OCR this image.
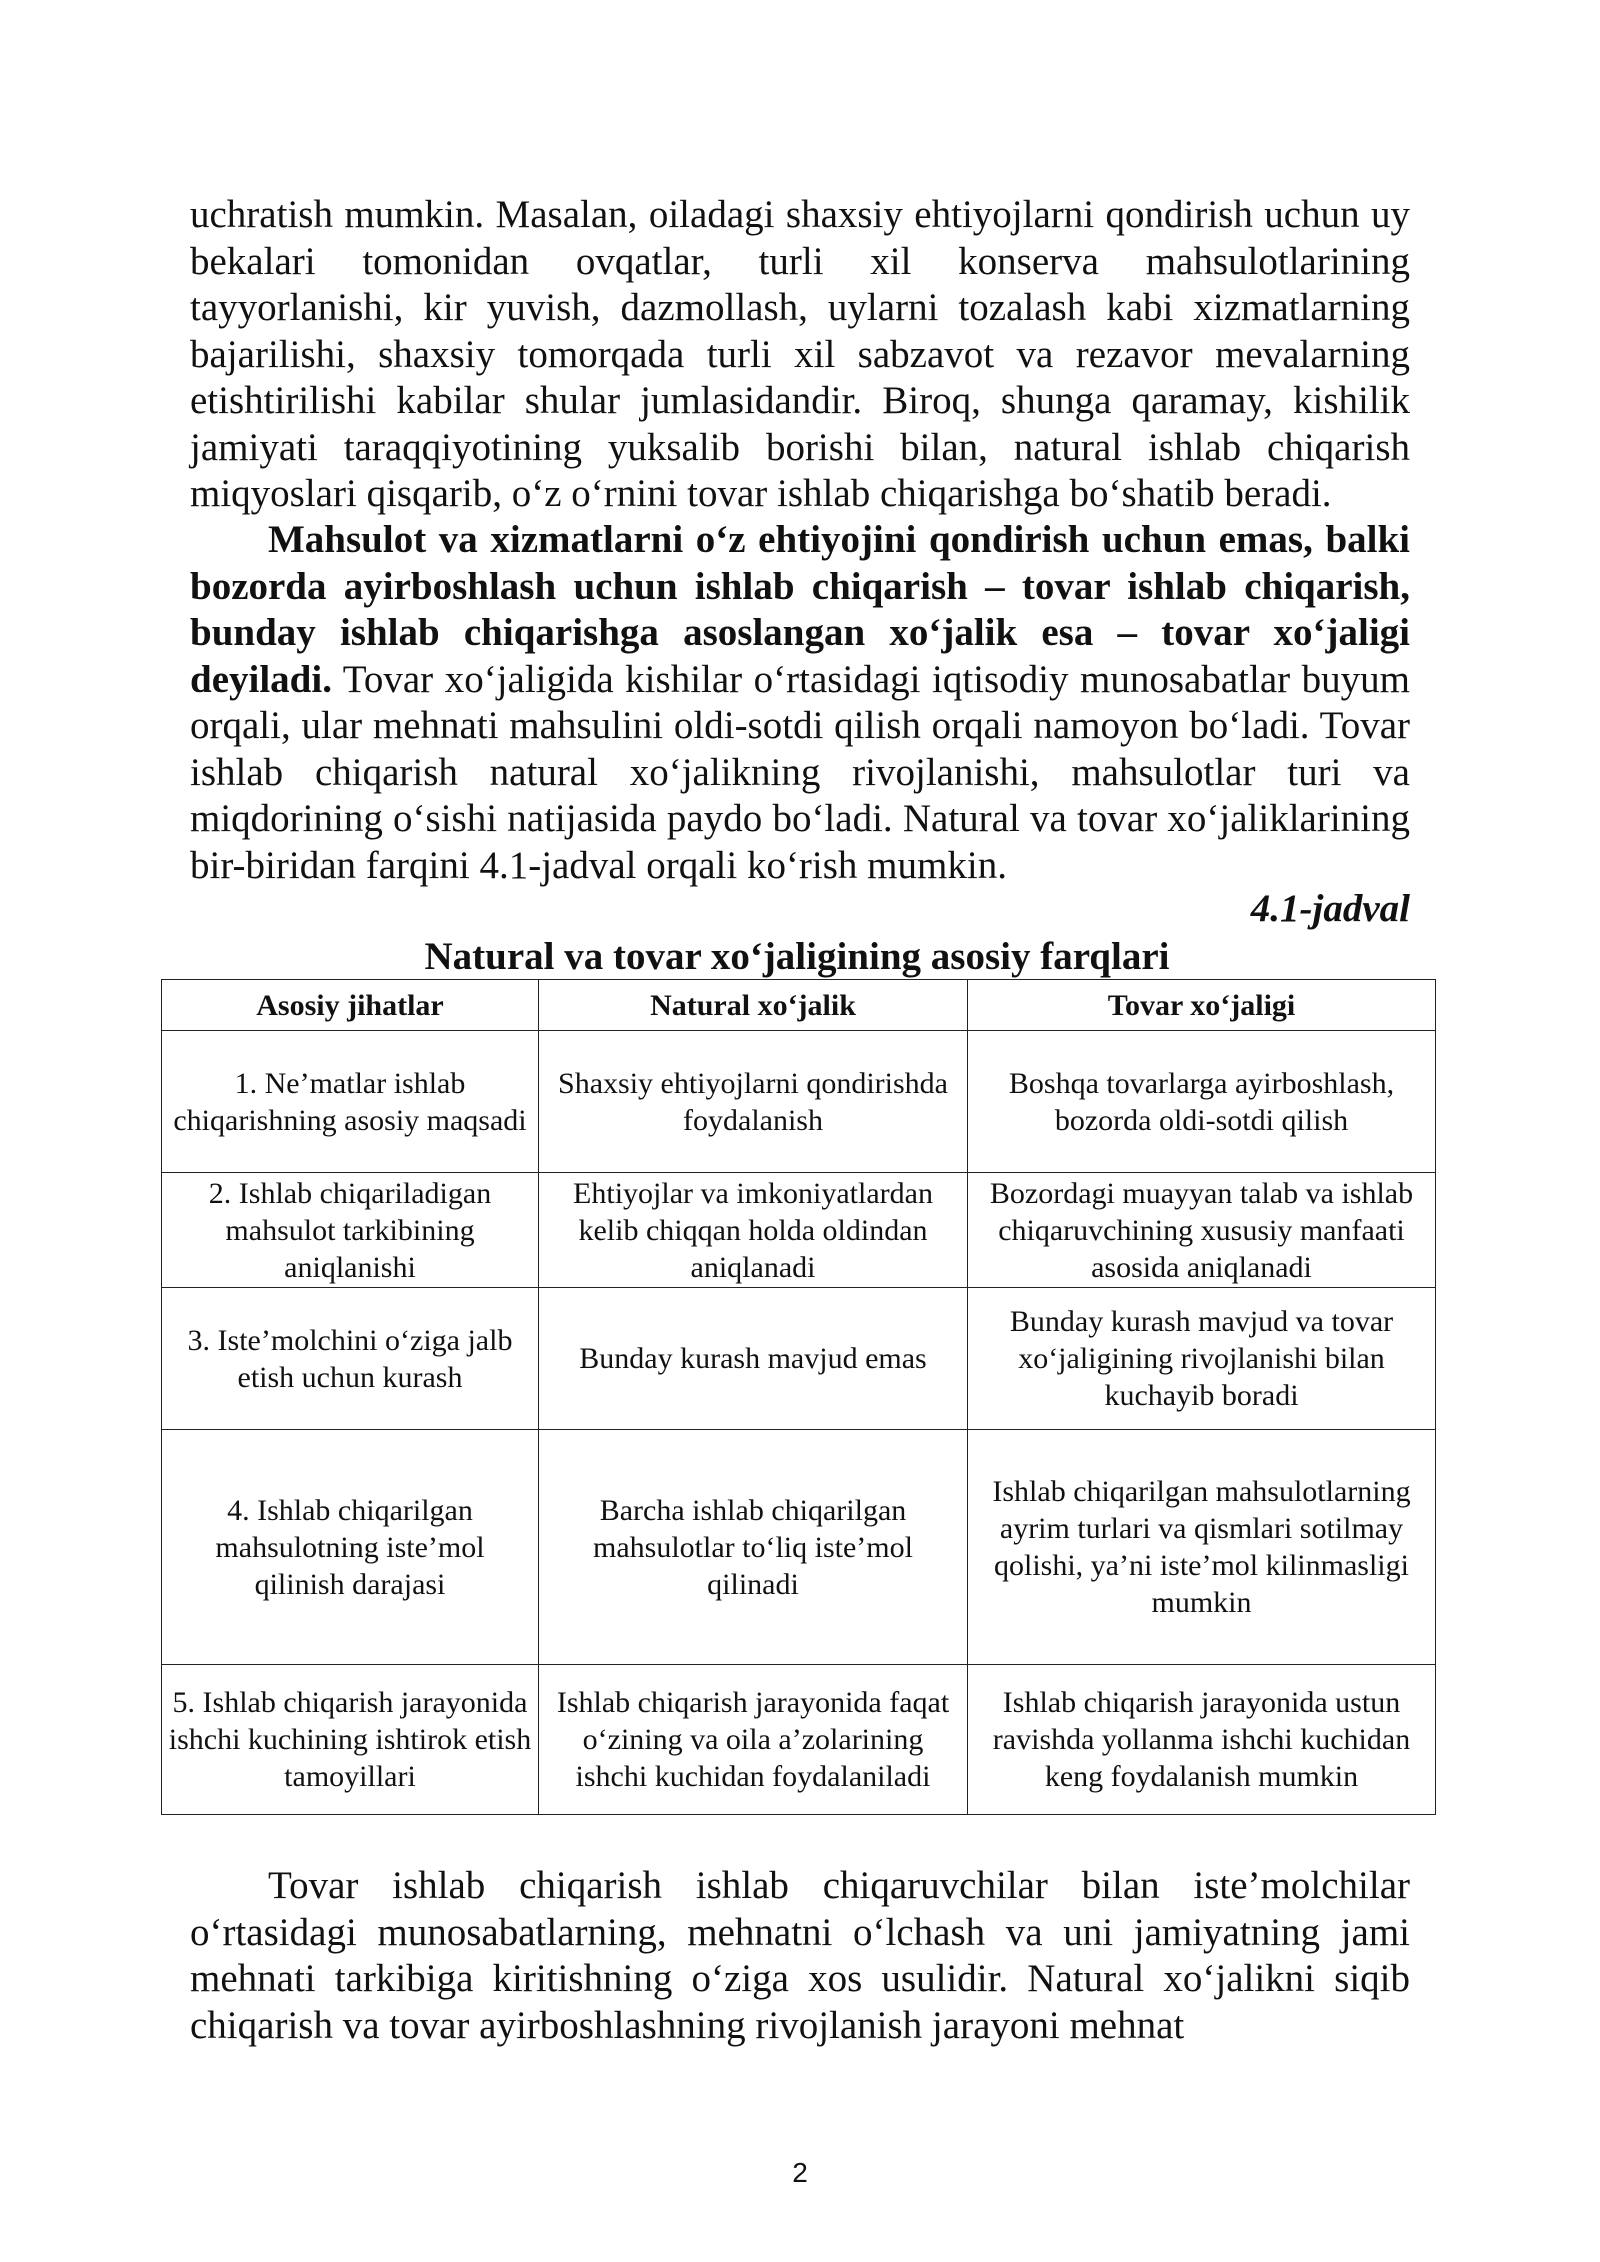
uchratish mumkin. Masalan, oiladagi shaxsiy ehtiyojlarni qondirish uchun uy bekalari tomonidan ovqatlar, turli xil konserva mahsulotlarining tayyorlanishi, kir yuvish, dazmollash, uylarni tozalash kabi xizmatlarning bajarilishi, shaxsiy tomorqada turli xil sabzavot va rezavor mevalarning etishtirilishi kabilar shular jumlasidandir. Biroq, shunga qaramay, kishilik jamiyati taraqqiyotining yuksalib borishi bilan, natural ishlab chiqarish miqyoslari qisqarib, o‘z o‘rnini tovar ishlab chiqarishga bo‘shatib beradi.

Mahsulot va xizmatlarni o‘z ehtiyojini qondirish uchun emas, balki bozorda ayirboshlash uchun ishlab chiqarish – tovar ishlab chiqarish, bunday ishlab chiqarishga asoslangan xo‘jalik esa – tovar xo‘jaligi deyiladi. Tovar xo‘jaligida kishilar o‘rtasidagi iqtisodiy munosabatlar buyum orqali, ular mehnati mahsulini oldi-sotdi qilish orqali namoyon bo‘ladi. Tovar ishlab chiqarish natural xo‘jalikning rivojlanishi, mahsulotlar turi va miqdorining o‘sishi natijasida paydo bo‘ladi. Natural va tovar xo‘jaliklarining bir-biridan farqini 4.1-jadval orqali ko‘rish mumkin.

4.1-jadval

Natural va tovar xo‘jaligining asosiy farqlari

Asosiy jihatlar	Natural xo‘jalik	Tovar xo‘jaligi
1. Ne’matlar ishlab chiqarishning asosiy maqsadi	Shaxsiy ehtiyojlarni qondirishda foydalanish	Boshqa tovarlarga ayirboshlash, bozorda oldi-sotdi qilish
2. Ishlab chiqariladigan mahsulot tarkibining aniqlanishi	Ehtiyojlar va imkoniyatlardan kelib chiqqan holda oldindan aniqlanadi	Bozordagi muayyan talab va ishlab chiqaruvchining xususiy manfaati asosida aniqlanadi
3. Iste’molchini o‘ziga jalb etish uchun kurash	Bunday kurash mavjud emas	Bunday kurash mavjud va tovar xo‘jaligining rivojlanishi bilan kuchayib boradi
4. Ishlab chiqarilgan mahsulotning iste’mol qilinish darajasi	Barcha ishlab chiqarilgan mahsulotlar to‘liq iste’mol qilinadi	Ishlab chiqarilgan mahsulotlarning ayrim turlari va qismlari sotilmay qolishi, ya’ni iste’mol kilinmasligi mumkin
5. Ishlab chiqarish jarayonida ishchi kuchining ishtirok etish tamoyillari	Ishlab chiqarish jarayonida faqat o‘zining va oila a’zolarining ishchi kuchidan foydalaniladi	Ishlab chiqarish jarayonida ustun ravishda yollanma ishchi kuchidan keng foydalanish mumkin

Tovar ishlab chiqarish ishlab chiqaruvchilar bilan iste’molchilar o‘rtasidagi munosabatlarning, mehnatni o‘lchash va uni jamiyatning jami mehnati tarkibiga kiritishning o‘ziga xos usulidir. Natural xo‘jalikni siqib chiqarish va tovar ayirboshlashning rivojlanish jarayoni mehnat

2
